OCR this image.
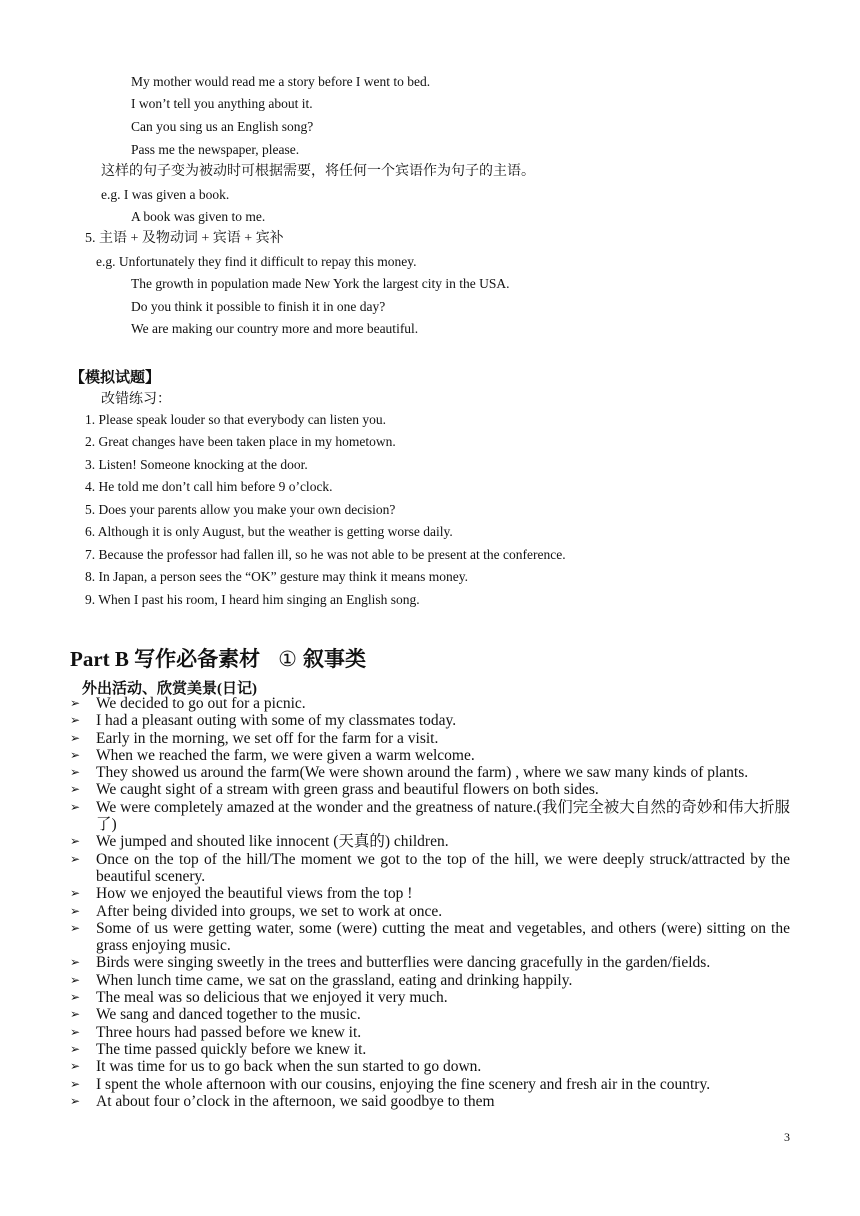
My mother would read me a story before I went to bed.
I won’t tell you anything about it.
Can you sing us an English song?
Pass me the newspaper, please.
这样的句子变为被动时可根据需要，将任何一个宾语作为句子的主语。
e.g. I was given a book.
A book was given to me.
5. 主语 + 及物动词 + 宾语 + 宾补
e.g. Unfortunately they find it difficult to repay this money.
The growth in population made New York the largest city in the USA.
Do you think it possible to finish it in one day?
We are making our country more and more beautiful.
【模拟试题】
改错练习：
1. Please speak louder so that everybody can listen you.
2. Great changes have been taken place in my hometown.
3. Listen! Someone knocking at the door.
4. He told me don’t call him before 9 o’clock.
5. Does your parents allow you make your own decision?
6. Although it is only August, but the weather is getting worse daily.
7. Because the professor had fallen ill, so he was not able to be present at the conference.
8. In Japan, a person sees the “OK” gesture may think it means money.
9. When I past his room, I heard him singing an English song.
Part B 写作必备素材 ① 叙事类
外出活动、欣赏美景(日记)
➢	We decided to go out for a picnic.
➢	I had a pleasant outing with some of my classmates today.
➢	Early in the morning, we set off for the farm for a visit.
➢	When we reached the farm, we were given a warm welcome.
➢	They showed us around the farm(We were shown around the farm) , where we saw many kinds of plants.
➢	We caught sight of a stream with green grass and beautiful flowers on both sides.
➢	We were completely amazed at the wonder and the greatness of nature.(我们完全被大自然的奇妙和伟大折服了)
➢	We jumped and shouted like innocent (天真的) children.
➢	Once on the top of the hill/The moment we got to the top of the hill, we were deeply struck/attracted by the beautiful scenery.
➢	How we enjoyed the beautiful views from the top !
➢	After being divided into groups, we set to work at once.
➢	Some of us were getting water, some (were) cutting the meat and vegetables, and others (were) sitting on the grass enjoying music.
➢	Birds were singing sweetly in the trees and butterflies were dancing gracefully in the garden/fields.
➢	When lunch time came, we sat on the grassland, eating and drinking happily.
➢	The meal was so delicious that we enjoyed it very much.
➢	We sang and danced together to the music.
➢	Three hours had passed before we knew it.
➢	The time passed quickly before we knew it.
➢	It was time for us to go back when the sun started to go down.
➢	I spent the whole afternoon with our cousins, enjoying the fine scenery and fresh air in the country.
➢	At about four o’clock in the afternoon, we said goodbye to them
3
